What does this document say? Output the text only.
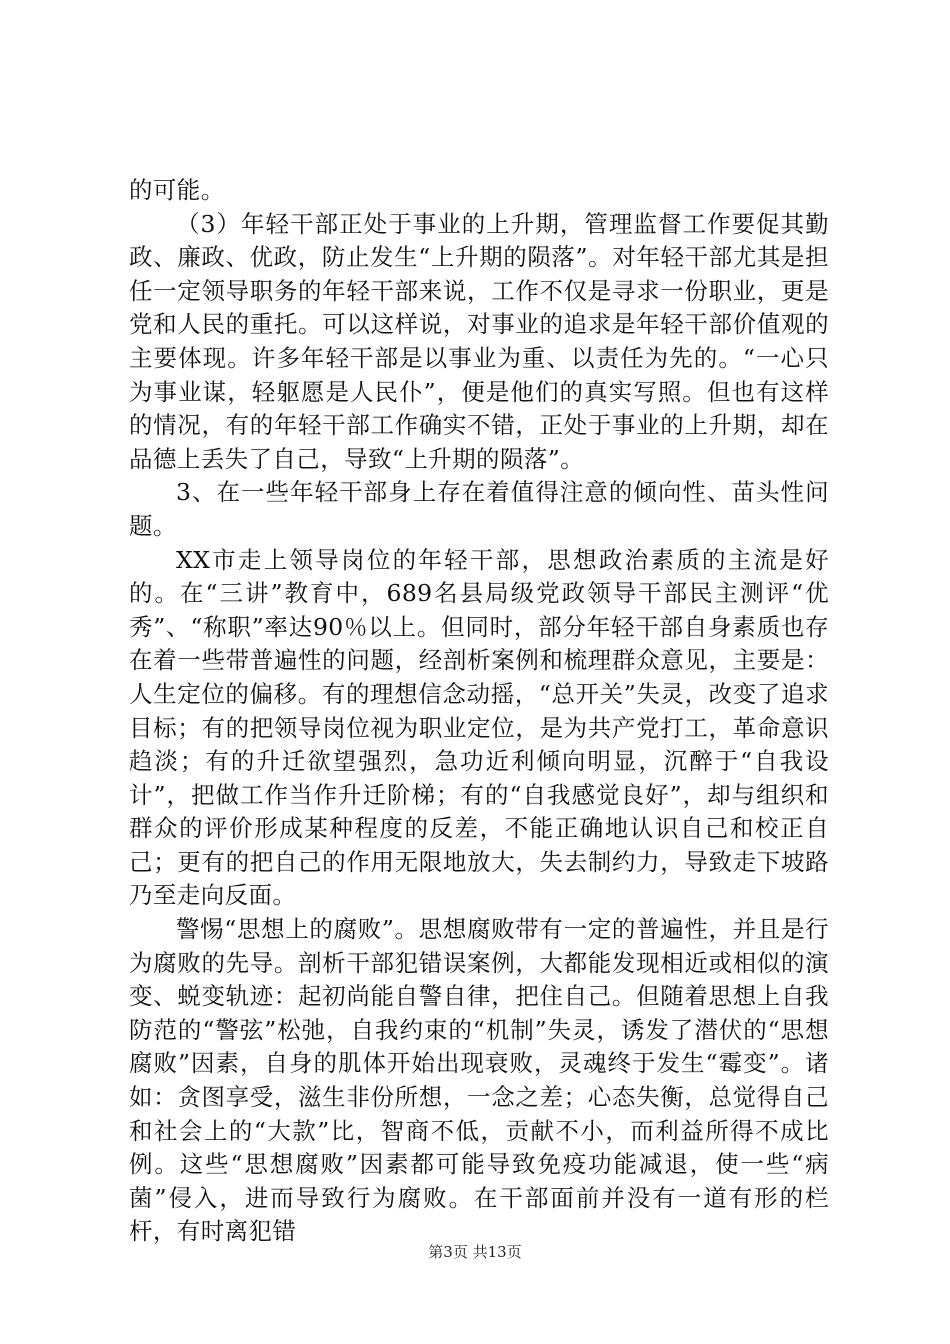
的可能。

（3）年轻干部正处于事业的上升期，管理监督工作要促其勤政、廉政、优政，防止发生“上升期的陨落”。对年轻干部尤其是担任一定领导职务的年轻干部来说，工作不仅是寻求一份职业，更是党和人民的重托。可以这样说，对事业的追求是年轻干部价值观的主要体现。许多年轻干部是以事业为重、以责任为先的。“一心只为事业谋，轻躯愿是人民仆”，便是他们的真实写照。但也有这样的情况，有的年轻干部工作确实不错，正处于事业的上升期，却在品德上丢失了自己，导致“上升期的陨落”。

3、在一些年轻干部身上存在着值得注意的倾向性、苗头性问题。

XX市走上领导岗位的年轻干部，思想政治素质的主流是好的。在“三讲”教育中，689名县局级党政领导干部民主测评“优秀”、“称职”率达90％以上。但同时，部分年轻干部自身素质也存在着一些带普遍性的问题，经剖析案例和梳理群众意见，主要是：人生定位的偏移。有的理想信念动摇，“总开关”失灵，改变了追求目标；有的把领导岗位视为职业定位，是为共产党打工，革命意识趋淡；有的升迁欲望强烈，急功近利倾向明显，沉醉于“自我设计”，把做工作当作升迁阶梯；有的“自我感觉良好”，却与组织和群众的评价形成某种程度的反差，不能正确地认识自己和校正自己；更有的把自己的作用无限地放大，失去制约力，导致走下坡路乃至走向反面。

警惕“思想上的腐败”。思想腐败带有一定的普遍性，并且是行为腐败的先导。剖析干部犯错误案例，大都能发现相近或相似的演变、蜕变轨迹：起初尚能自警自律，把住自己。但随着思想上自我防范的“警弦”松弛，自我约束的“机制”失灵，诱发了潜伏的“思想腐败”因素，自身的肌体开始出现衰败，灵魂终于发生“霉变”。诸如：贪图享受，滋生非份所想，一念之差；心态失衡，总觉得自己和社会上的“大款”比，智商不低，贡献不小，而利益所得不成比例。这些“思想腐败”因素都可能导致免疫功能减退，使一些“病菌”侵入，进而导致行为腐败。在干部面前并没有一道有形的栏杆，有时离犯错

第3页 共13页
